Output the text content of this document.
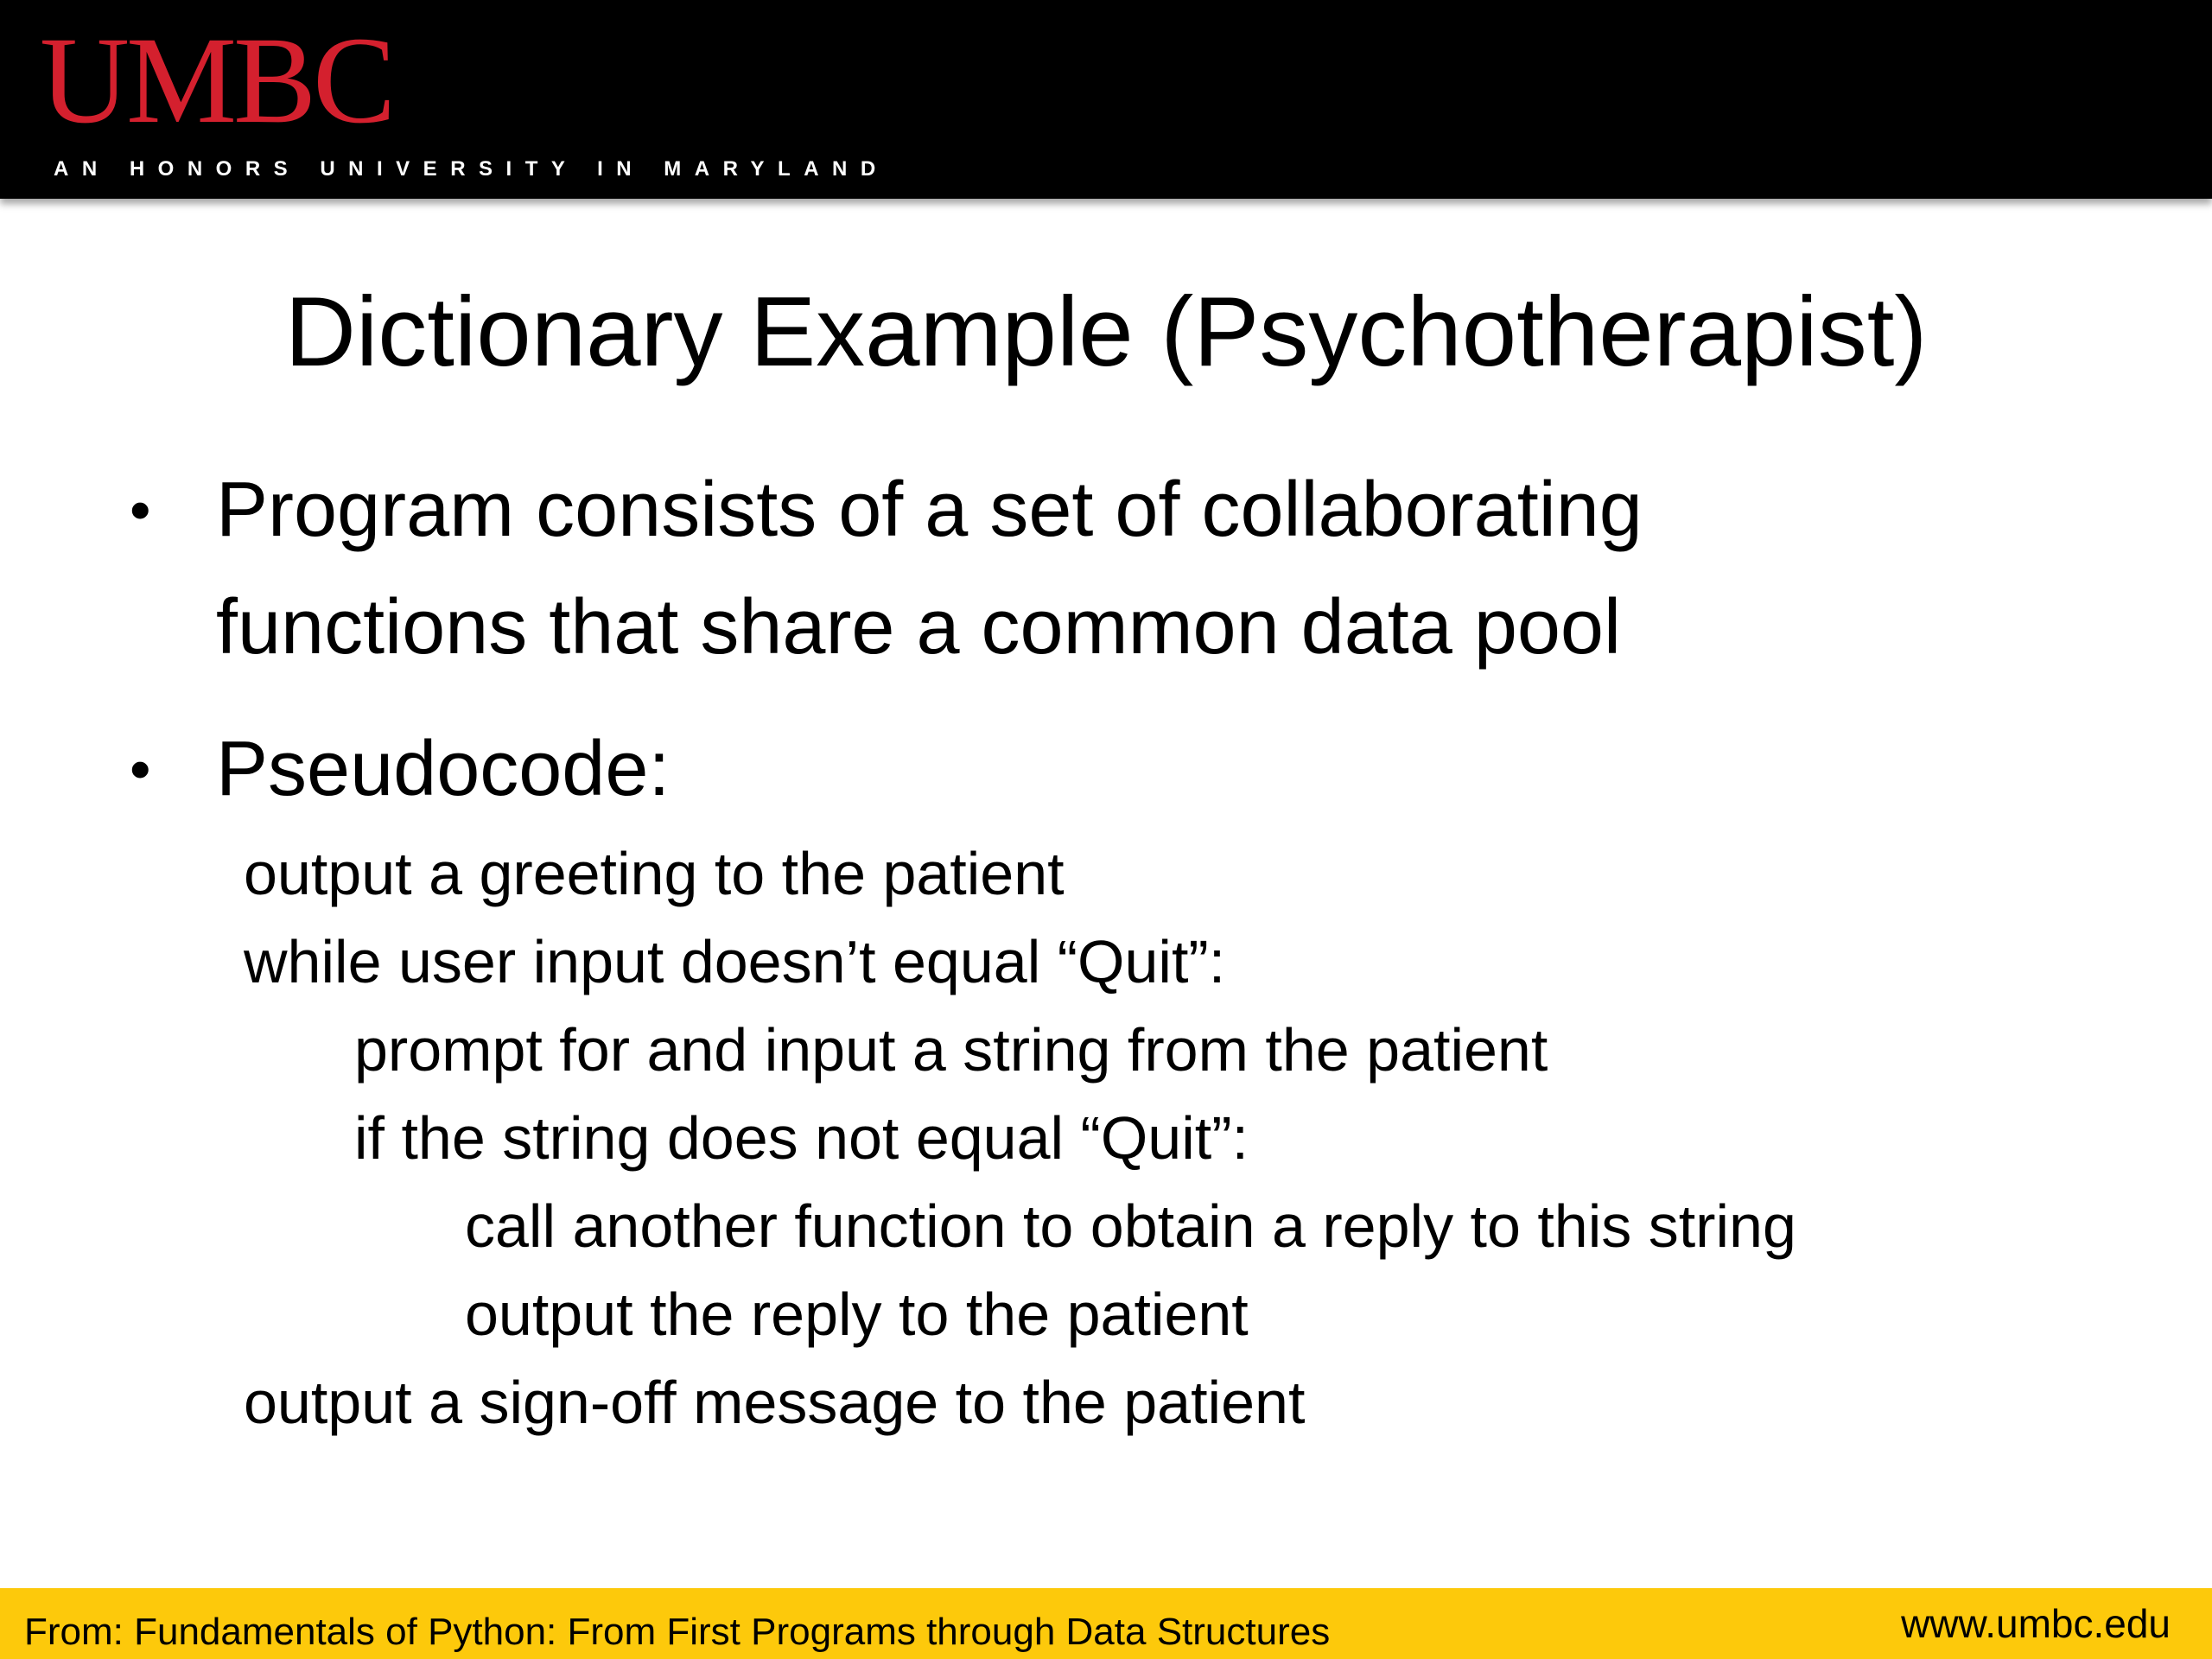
UMBC
AN HONORS UNIVERSITY IN MARYLAND
Dictionary Example (Psychotherapist)
• Program consists of a set of collaborating
functions that share a common data pool
• Pseudocode:
output a greeting to the patient
while user input doesn’t equal “Quit”:
prompt for and input a string from the patient
if the string does not equal “Quit”:
call another function to obtain a reply to this string
output the reply to the patient
output a sign-off message to the patient
From: Fundamentals of Python: From First Programs through Data Structures	www.umbc.edu
